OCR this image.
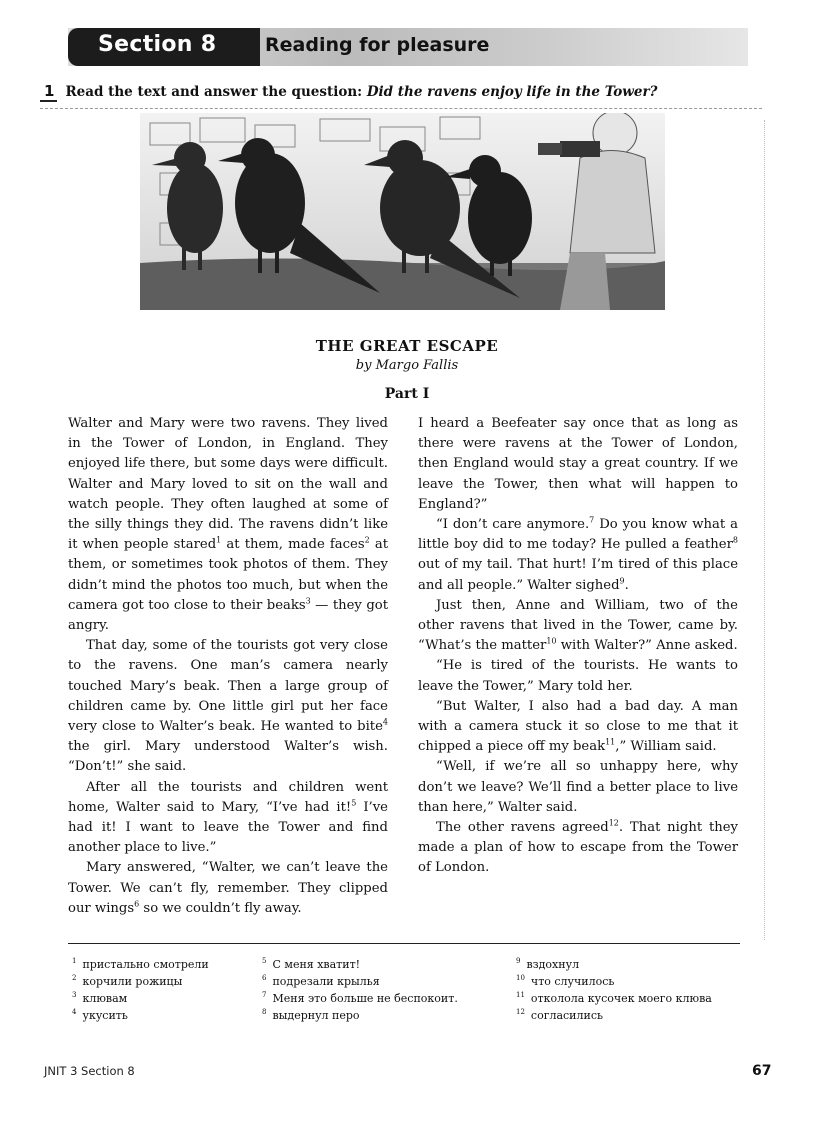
Section 8	Reading for pleasure
1 Read the text and answer the question: Did the ravens enjoy life in the Tower?
THE GREAT ESCAPE
by Margo Fallis
Part I

Walter and Mary were two ravens. They lived in the Tower of London, in England. They enjoyed life there, but some days were difficult. Walter and Mary loved to sit on the wall and watch people. They often laughed at some of the silly things they did. The ravens didn’t like it when people stared$^1$ at them, made faces$^2$ at them, or sometimes took photos of them. They didn’t mind the photos too much, but when the camera got too close to their beaks$^3$ — they got angry.

That day, some of the tourists got very close to the ravens. One man’s camera nearly touched Mary’s beak. Then a large group of children came by. One little girl put her face very close to Walter’s beak. He wanted to bite$^4$ the girl. Mary understood Walter’s wish. “Don’t!” she said.

After all the tourists and children went home, Walter said to Mary, “I’ve had it!$^5$ I’ve had it! I want to leave the Tower and find another place to live.”

Mary answered, “Walter, we can’t leave the Tower. We can’t fly, remember. They clipped our wings$^6$ so we couldn’t fly away.

I heard a Beefeater say once that as long as there were ravens at the Tower of London, then England would stay a great country. If we leave the Tower, then what will happen to England?”

“I don’t care anymore.$^7$ Do you know what a little boy did to me today? He pulled a feather$^8$ out of my tail. That hurt! I’m tired of this place and all people.” Walter sighed$^9$.

Just then, Anne and William, two of the other ravens that lived in the Tower, came by. “What’s the matter$^{10}$ with Walter?” Anne asked.

“He is tired of the tourists. He wants to leave the Tower,” Mary told her.

“But Walter, I also had a bad day. A man with a camera stuck it so close to me that it chipped a piece off my beak$^{11}$,” William said.

“Well, if we’re all so unhappy here, why don’t we leave? We’ll find a better place to live than here,” Walter said.

The other ravens agreed$^{12}$. That night they made a plan of how to escape from the Tower of London.

$^1$ пристально смотрели
$^2$ корчили рожицы
$^3$ клювам
$^4$ укусить
$^5$ С меня хватит!
$^6$ подрезали крылья
$^7$ Меня это больше не беспокоит.
$^8$ выдернул перо
$^9$ вздохнул
$^{10}$ что случилось
$^{11}$ отколола кусочек моего клюва
$^{12}$ согласились
JNIT 3 Section 8	67
